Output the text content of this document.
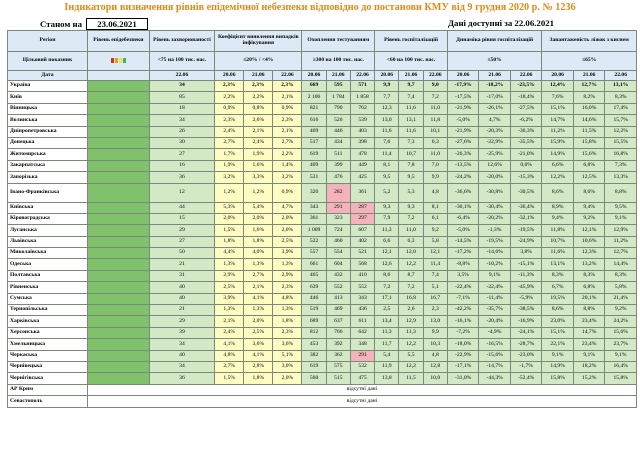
Індикатори визначення рівнів епідемічної небезпеки відповідно до постанови КМУ від 9 грудня 2020 р. № 1236
Станом на 23.06.2021	Дані доступні за 22.06.2021
Регіон	Рівень епідебезпеки	Рівень захворюваності	Коефіцієнт виявлення випадків інфікування			Охоплення тестуванням			Рівень госпіталізацій			Динаміка рівня госпіталізацій			Завантаженість ліжок з киснем		
Цільовий показник		<75 на 100 тис. нас.	≤20% / <4%			≥300 на 100 тис. нас.			<60 на 100 тис. нас.			≤50%			≤65%		
Дата		22.06	20.06	21.06	22.06	20.06	21.06	22.06	20.06	21.06	22.06	20.06	21.06	22.06	20.06	21.06	22.06
Україна		34	2,3%	2,3%	2,3%	669	595	571	9,9	9,7	9,0	-17,9%	-18,2%	-23,5%	12,4%	12,7%	13,1%
Київ		85	2,2%	2,2%	2,1%	2 106	1 784	1 858	7,7	7,4	7,2	-17,5%	-17,0%	-18,4%	7,6%	8,2%	8,3%
Вінницька		18	0,9%	0,8%	0,9%	821	790	762	12,3	11,6	11,0	-21,9%	-26,1%	-27,5%	15,1%	16,0%	17,4%
Волинська		34	2,3%	2,6%	2,3%	616	526	539	13,0	13,1	11,8	-5,0%	4,7%	-6,2%	14,7%	14,6%	15,7%
Дніпропетровська		26	2,4%	2,1%	2,1%	469	446	403	11,6	11,6	10,1	-21,9%	-20,3%	-36,3%	11,2%	11,5%	12,2%
Донецька		30	2,7%	2,4%	2,7%	517	434	398	7,6	7,3	6,3	-27,6%	-22,9%	-35,5%	15,9%	15,8%	15,5%
Житомирська		27	1,7%	1,9%	2,2%	619	511	478	11,4	10,7	11,0	-26,3%	-25,9%	-21,0%	14,9%	15,6%	16,8%
Закарпатська		16	1,9%	1,6%	1,4%	409	399	449	8,1	7,8	7,0	-13,5%	12,6%	0,0%	6,6%	6,8%	7,3%
Запорізька		36	3,2%	3,3%	3,2%	531	476	425	9,5	9,5	9,9	-24,2%	-20,0%	-15,3%	12,2%	12,5%	13,3%
Івано-Франківська		12	1,2%	1,2%	0,9%	320	282	361	5,2	5,3	4,8	-36,6%	-30,8%	-30,5%	8,6%	8,6%	8,8%
Київська		44	5,3%	5,4%	4,7%	343	291	287	9,3	9,3	8,1	-30,1%	-30,4%	-36,4%	8,9%	9,4%	9,5%
Кіровоградська		15	2,0%	2,0%	2,0%	361	323	297	7,9	7,2	6,1	-6,4%	-20,2%	-32,1%	9,4%	9,2%	9,1%
Луганська		29	1,5%	1,6%	2,0%	1 009	724	607	11,3	11,0	9,2	-5,0%	-1,3%	-19,5%	11,8%	12,1%	12,9%
Львівська		27	1,8%	1,8%	2,5%	522	460	402	6,6	6,3	5,8	-14,5%	-19,5%	-24,9%	10,7%	10,6%	11,2%
Миколаївська		50	4,4%	4,0%	3,9%	557	554	521	12,1	12,0	12,1	-17,2%	-14,6%	3,8%	11,6%	12,3%	12,7%
Одеська		21	1,3%	1,3%	1,3%	661	604	568	12,6	12,2	11,4	-8,8%	-10,2%	-15,1%	13,1%	13,2%	14,4%
Полтавська		31	2,9%	2,7%	2,9%	465	432	410	8,6	8,7	7,4	3,5%	9,1%	-11,3%	8,3%	8,3%	8,3%
Рівненська		40	2,5%	2,1%	2,3%	639	552	552	7,2	7,2	5,1	-22,4%	-22,4%	-45,9%	6,7%	6,8%	5,8%
Сумська		40	3,9%	4,1%	4,8%	446	413	343	17,1	16,8	16,7	-7,1%	-11,4%	-5,9%	19,5%	20,1%	21,4%
Тернопільська		21	1,3%	1,3%	1,3%	519	469	436	2,5	2,6	2,3	-42,2%	-35,7%	-38,5%	8,6%	8,8%	9,2%
Харківська		29	2,1%	2,0%	1,8%	689	637	611	13,4	12,9	13,0	-16,1%	-20,4%	-16,9%	23,0%	23,4%	24,2%
Херсонська		39	2,4%	2,5%	2,3%	812	766	642	11,3	11,3	9,9	-7,2%	-4,9%	-24,1%	15,1%	14,7%	15,6%
Хмельницька		34	4,1%	3,6%	3,6%	453	392	348	11,7	12,2	10,3	-18,0%	-16,5%	-28,7%	22,1%	23,4%	23,7%
Черкаська		40	4,8%	4,1%	5,1%	382	362	291	5,4	5,5	4,8	-22,9%	-15,6%	-23,0%	9,1%	9,1%	9,1%
Чернівецька		34	2,7%	2,8%	3,0%	619	575	532	11,9	12,2	12,8	-17,1%	-14,7%	-1,7%	14,9%	18,2%	16,4%
Чернігівська		36	1,5%	1,8%	2,0%	560	515	475	13,8	11,5	10,0	-31,0%	-44,3%	-52,4%	15,8%	15,2%	15,8%
АР Крим	відсутні дані																
Севастополь	відсутні дані																
